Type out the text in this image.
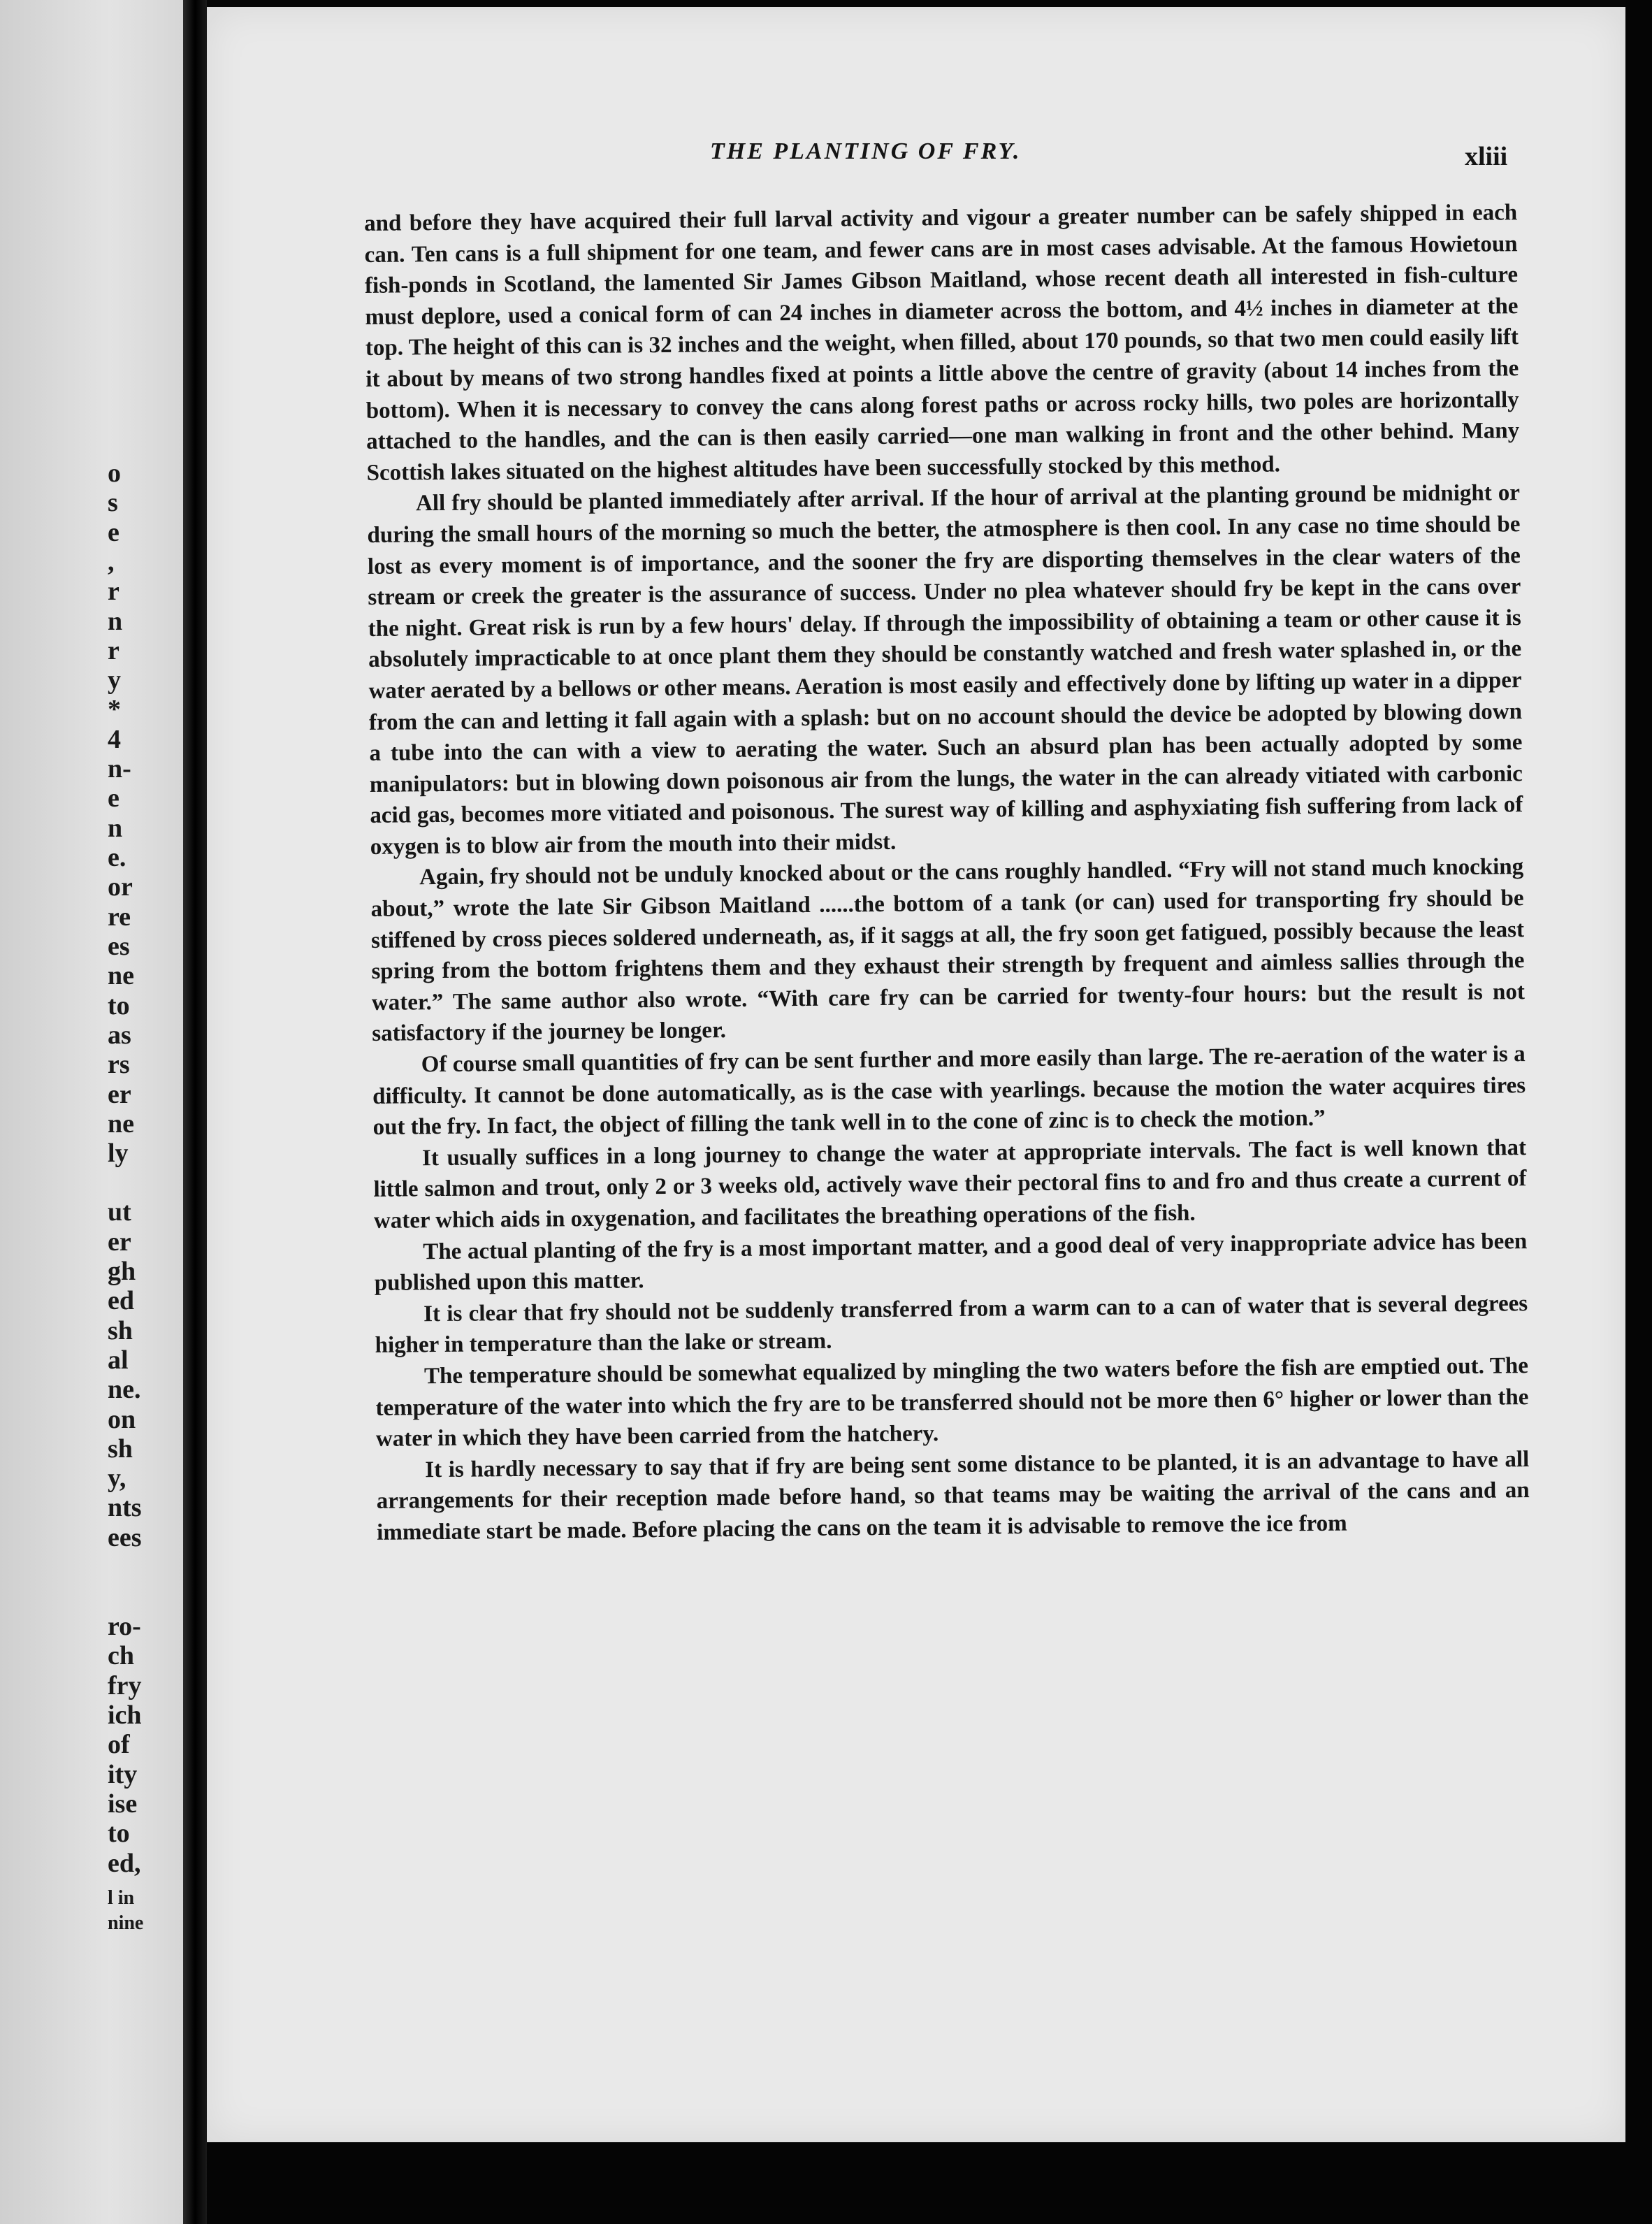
o
s
e
,
r
n
r
y
*
4
n-
e
n
e.
or
re
es
ne
to
as
rs
er
ne
ly
ut
er
gh
ed
sh
al
ne.
on
sh
y,
nts
ees
ro-
ch
fry
ich
of
ity
ise
to
ed,
l in
nine
THE PLANTING OF FRY.	xliii

and before they have acquired their full larval activity and vigour a greater number can be safely shipped in each can. Ten cans is a full shipment for one team, and fewer cans are in most cases advisable. At the famous Howietoun fish-ponds in Scotland, the lamented Sir James Gibson Maitland, whose recent death all interested in fish-culture must deplore, used a conical form of can 24 inches in diameter across the bottom, and 4½ inches in diameter at the top. The height of this can is 32 inches and the weight, when filled, about 170 pounds, so that two men could easily lift it about by means of two strong handles fixed at points a little above the centre of gravity (about 14 inches from the bottom). When it is necessary to convey the cans along forest paths or across rocky hills, two poles are horizontally attached to the handles, and the can is then easily carried—one man walking in front and the other behind. Many Scottish lakes situated on the highest altitudes have been successfully stocked by this method.

All fry should be planted immediately after arrival. If the hour of arrival at the planting ground be midnight or during the small hours of the morning so much the better, the atmosphere is then cool. In any case no time should be lost as every moment is of importance, and the sooner the fry are disporting themselves in the clear waters of the stream or creek the greater is the assurance of success. Under no plea whatever should fry be kept in the cans over the night. Great risk is run by a few hours' delay. If through the impossibility of obtaining a team or other cause it is absolutely impracticable to at once plant them they should be constantly watched and fresh water splashed in, or the water aerated by a bellows or other means. Aeration is most easily and effectively done by lifting up water in a dipper from the can and letting it fall again with a splash: but on no account should the device be adopted by blowing down a tube into the can with a view to aerating the water. Such an absurd plan has been actually adopted by some manipulators: but in blowing down poisonous air from the lungs, the water in the can already vitiated with carbonic acid gas, becomes more vitiated and poisonous. The surest way of killing and asphyxiating fish suffering from lack of oxygen is to blow air from the mouth into their midst.

Again, fry should not be unduly knocked about or the cans roughly handled. “Fry will not stand much knocking about,” wrote the late Sir Gibson Maitland ......the bottom of a tank (or can) used for transporting fry should be stiffened by cross pieces soldered underneath, as, if it saggs at all, the fry soon get fatigued, possibly because the least spring from the bottom frightens them and they exhaust their strength by frequent and aimless sallies through the water.” The same author also wrote. “With care fry can be carried for twenty-four hours: but the result is not satisfactory if the journey be longer.

Of course small quantities of fry can be sent further and more easily than large. The re-aeration of the water is a difficulty. It cannot be done automatically, as is the case with yearlings. because the motion the water acquires tires out the fry. In fact, the object of filling the tank well in to the cone of zinc is to check the motion.”

It usually suffices in a long journey to change the water at appropriate intervals. The fact is well known that little salmon and trout, only 2 or 3 weeks old, actively wave their pectoral fins to and fro and thus create a current of water which aids in oxygenation, and facilitates the breathing operations of the fish.

The actual planting of the fry is a most important matter, and a good deal of very inappropriate advice has been published upon this matter.

It is clear that fry should not be suddenly transferred from a warm can to a can of water that is several degrees higher in temperature than the lake or stream.

The temperature should be somewhat equalized by mingling the two waters before the fish are emptied out. The temperature of the water into which the fry are to be transferred should not be more then 6° higher or lower than the water in which they have been carried from the hatchery.

It is hardly necessary to say that if fry are being sent some distance to be planted, it is an advantage to have all arrangements for their reception made before hand, so that teams may be waiting the arrival of the cans and an immediate start be made. Before placing the cans on the team it is advisable to remove the ice from
